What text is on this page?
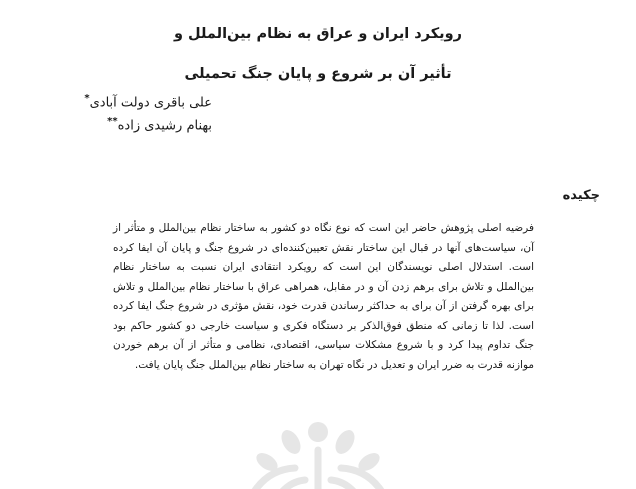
رویکرد ایران و عراق به نظام بین‌الملل و
تأثیر آن بر شروع و پایان جنگ تحمیلی
علی باقری دولت آبادی*
بهنام رشیدی زاده**
چکیده

فرضیه اصلی پژوهش حاضر این است که نوع نگاه دو کشور به ساختار نظام بین‌الملل و متأثر از آن، سیاست‌های آنها در قبال این ساختار نقش تعیین‌کننده‌ای در شروع جنگ و پایان آن ایفا کرده است. استدلال اصلی نویسندگان این است که رویکرد انتقادی ایران نسبت به ساختار نظام بین‌الملل و تلاش برای برهم زدن آن و در مقابل، همراهی عراق با ساختار نظام بین‌الملل و تلاش برای بهره گرفتن از آن برای به حداکثر رساندن قدرت خود، نقش مؤثری در شروع جنگ ایفا کرده است. لذا تا زمانی که منطق فوق‌الذکر بر دستگاه فکری و سیاست خارجی دو کشور حاکم بود جنگ تداوم پیدا کرد و با شروع مشکلات سیاسی، اقتصادی، نظامی و متأثر از آن برهم خوردن موازنه قدرت به ضرر ایران و تعدیل در نگاه تهران به ساختار نظام بین‌الملل جنگ پایان یافت.
